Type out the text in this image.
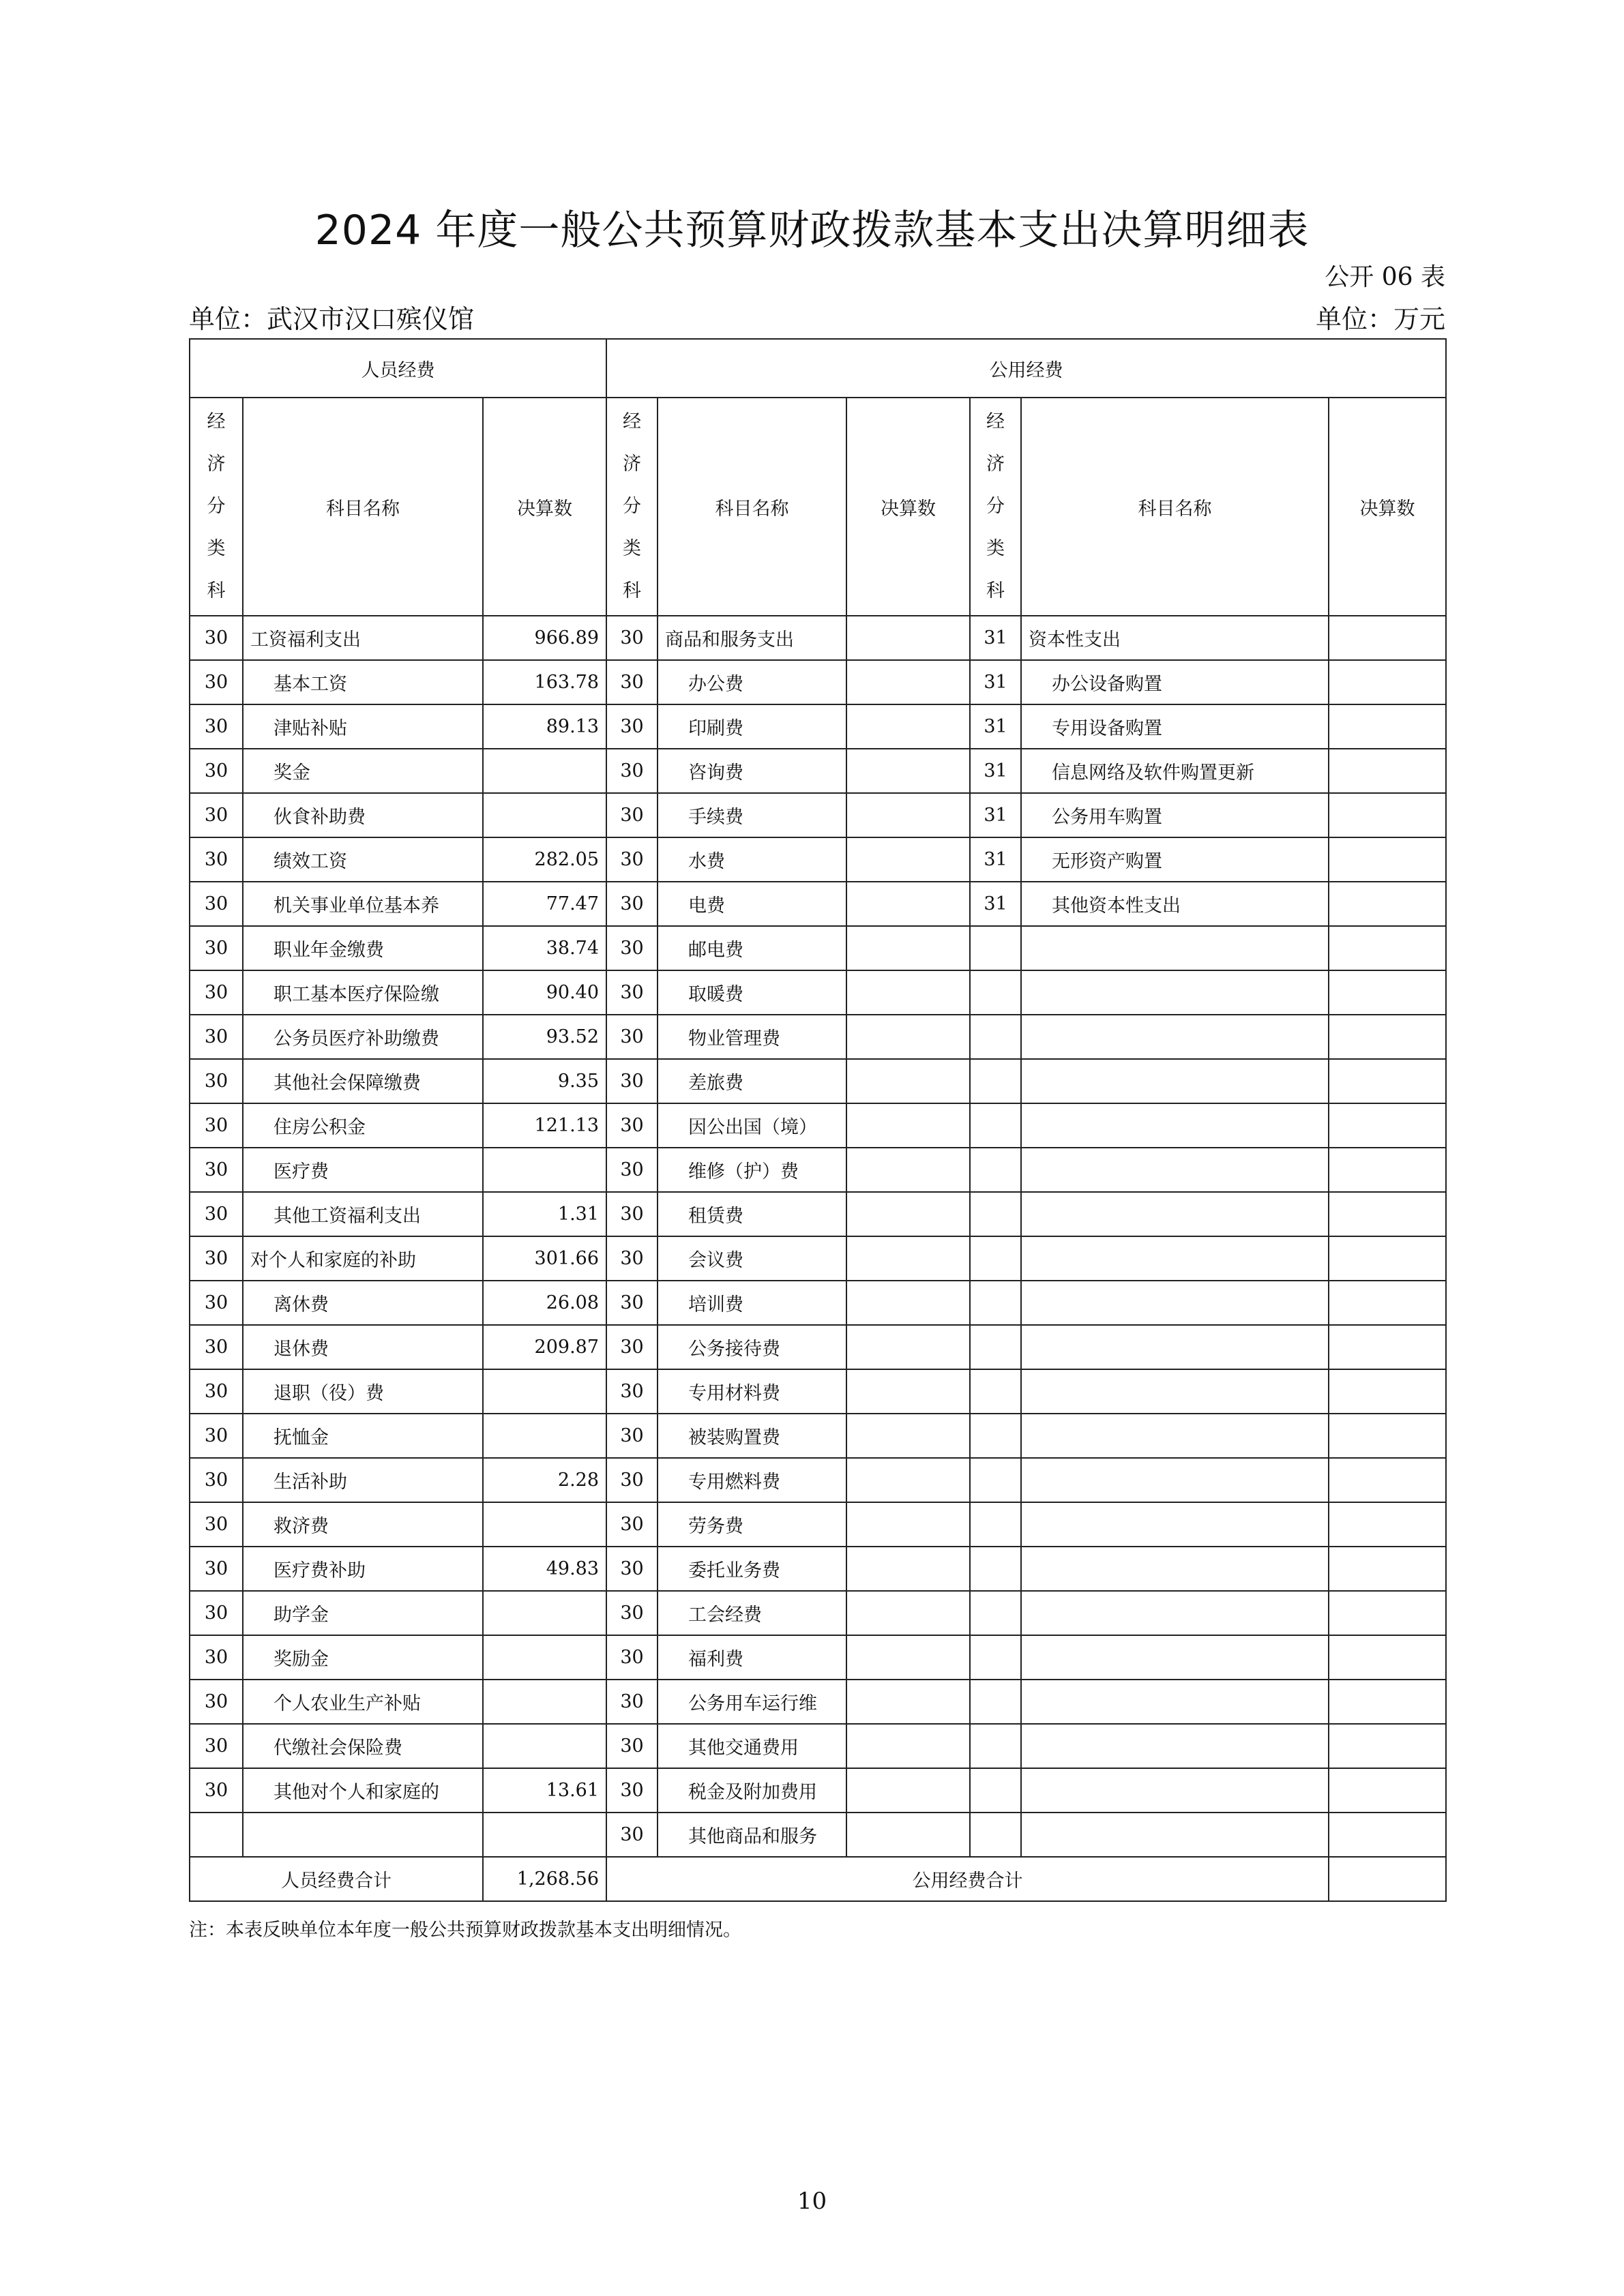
2024 年度一般公共预算财政拨款基本支出决算明细表
公开 06 表
单位：武汉市汉口殡仪馆	单位：万元
人员经费			公用经费					

经
济
分
类
科	科目名称	决算数	经
济
分
类
科	科目名称	决算数	经
济
分
类
科	科目名称	决算数
30	工资福利支出	966.89	30	商品和服务支出		31	资本性支出	
30	基本工资	163.78	30	办公费		31	办公设备购置	
30	津贴补贴	89.13	30	印刷费		31	专用设备购置	
30	奖金		30	咨询费		31	信息网络及软件购置更新	
30	伙食补助费		30	手续费		31	公务用车购置	
30	绩效工资	282.05	30	水费		31	无形资产购置	
30	机关事业单位基本养	77.47	30	电费		31	其他资本性支出	
30	职业年金缴费	38.74	30	邮电费				
30	职工基本医疗保险缴	90.40	30	取暖费				
30	公务员医疗补助缴费	93.52	30	物业管理费				
30	其他社会保障缴费	9.35	30	差旅费				
30	住房公积金	121.13	30	因公出国（境）				
30	医疗费		30	维修（护）费				
30	其他工资福利支出	1.31	30	租赁费				
30	对个人和家庭的补助	301.66	30	会议费				
30	离休费	26.08	30	培训费				
30	退休费	209.87	30	公务接待费				
30	退职（役）费		30	专用材料费				
30	抚恤金		30	被装购置费				
30	生活补助	2.28	30	专用燃料费				
30	救济费		30	劳务费				
30	医疗费补助	49.83	30	委托业务费				
30	助学金		30	工会经费				
30	奖励金		30	福利费				
30	个人农业生产补贴		30	公务用车运行维				
30	代缴社会保险费		30	其他交通费用				
30	其他对个人和家庭的	13.61	30	税金及附加费用				
			30	其他商品和服务				
人员经费合计		1,268.56	公用经费合计					
注：本表反映单位本年度一般公共预算财政拨款基本支出明细情况。
10
